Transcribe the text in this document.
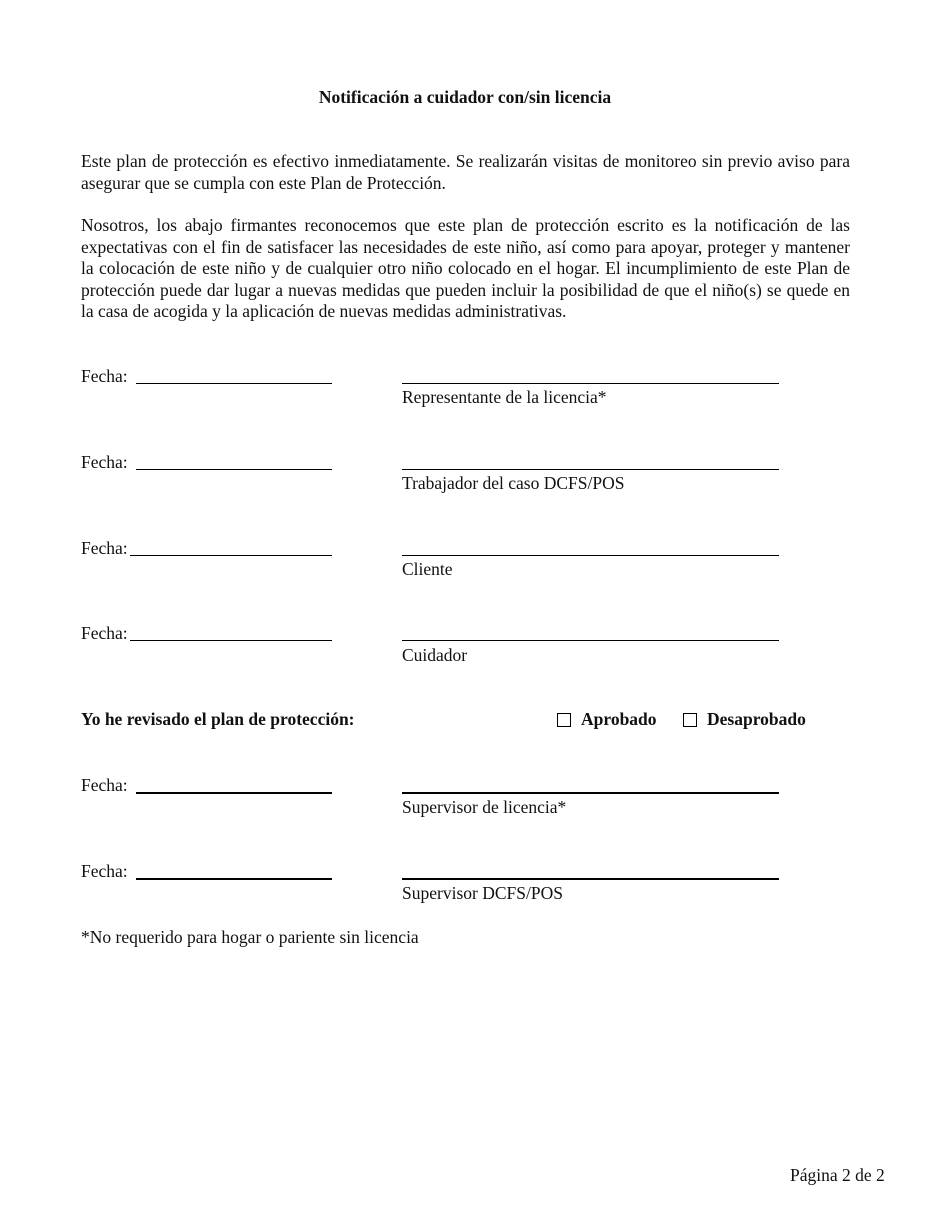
Notificación a cuidador con/sin licencia

Este plan de protección es efectivo inmediatamente. Se realizarán visitas de monitoreo sin previo aviso para asegurar que se cumpla con este Plan de Protección.

Nosotros, los abajo firmantes reconocemos que este plan de protección escrito es la notificación de las expectativas con el fin de satisfacer las necesidades de este niño, así como para apoyar, proteger y mantener la colocación de este niño y de cualquier otro niño colocado en el hogar. El incumplimiento de este Plan de protección puede dar lugar a nuevas medidas que pueden incluir la posibilidad de que el niño(s) se quede en la casa de acogida y la aplicación de nuevas medidas administrativas.

Fecha:
Representante de la licencia*
Fecha:
Trabajador del caso DCFS/POS
Fecha:
Cliente
Fecha:
Cuidador
Yo he revisado el plan de protección:	Aprobado	Desaprobado
Fecha:
Supervisor de licencia*
Fecha:
Supervisor DCFS/POS
*No requerido para hogar o pariente sin licencia
Página 2 de 2
